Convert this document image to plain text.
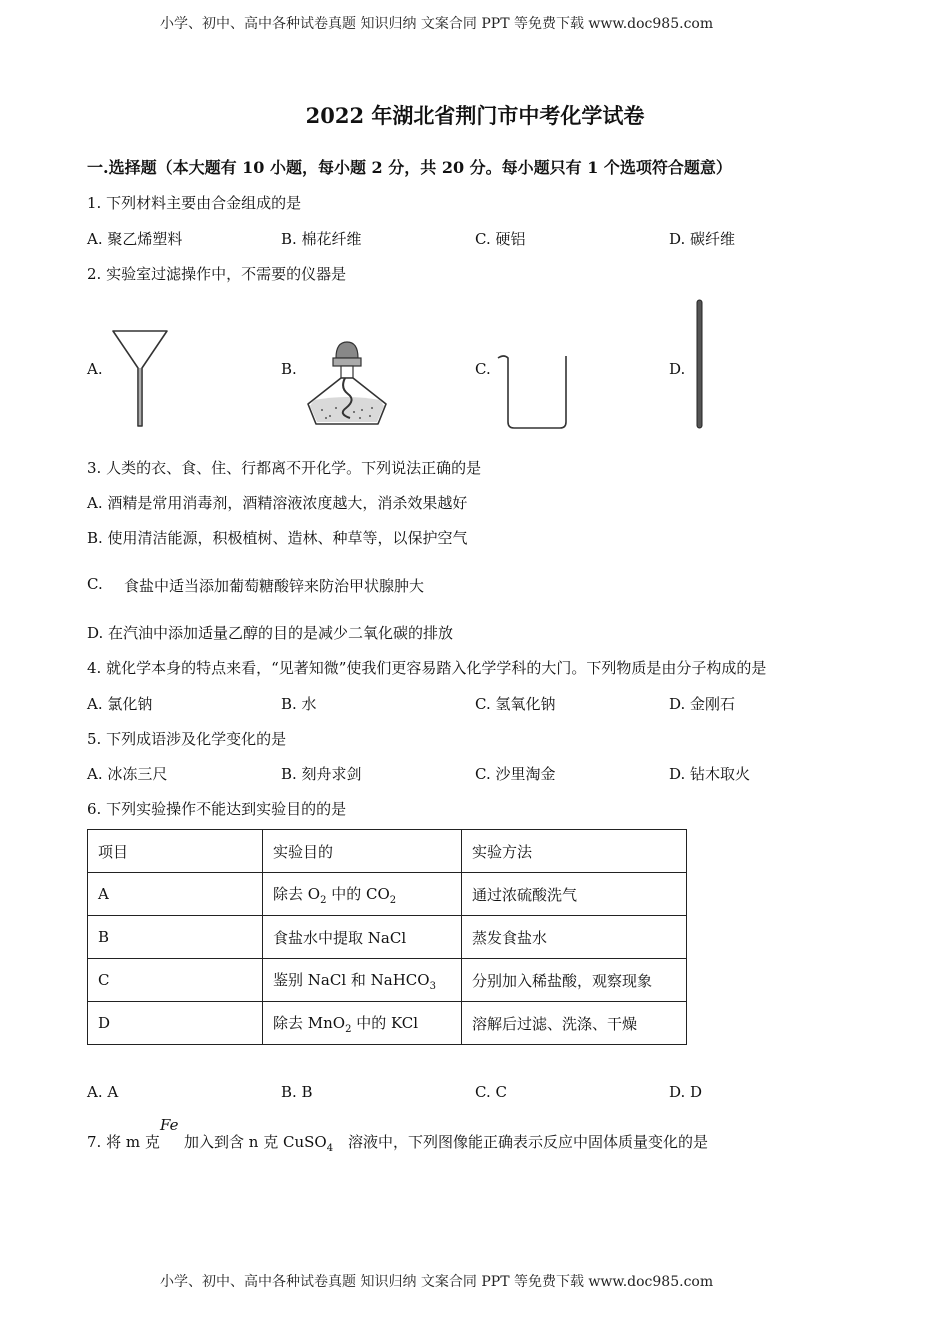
小学、初中、高中各种试卷真题 知识归纳 文案合同 PPT 等免费下载 www.doc985.com
2022 年湖北省荆门市中考化学试卷
一.选择题（本大题有 10 小题，每小题 2 分，共 20 分。每小题只有 1 个选项符合题意）
1. 下列材料主要由合金组成的是
A. 聚乙烯塑料	B. 棉花纤维	C. 硬铝	D. 碳纤维
2. 实验室过滤操作中，不需要的仪器是
A.	B.	C.	D.
3. 人类的衣、食、住、行都离不开化学。下列说法正确的是
A. 酒精是常用消毒剂，酒精溶液浓度越大，消杀效果越好
B. 使用清洁能源，积极植树、造林、种草等，以保护空气
C. 食盐中适当添加葡萄糖酸锌来防治甲状腺肿大
D. 在汽油中添加适量乙醇的目的是减少二氧化碳的排放
4. 就化学本身的特点来看，“见著知微”使我们更容易踏入化学学科的大门。下列物质是由分子构成的是
A. 氯化钠	B. 水	C. 氢氧化钠	D. 金刚石
5. 下列成语涉及化学变化的是
A. 冰冻三尺	B. 刻舟求剑	C. 沙里淘金	D. 钻木取火
6. 下列实验操作不能达到实验目的的是
项目	实验目的	实验方法
A	除去 $O_2$ 中的 $CO_2$	通过浓硫酸洗气
B	食盐水中提取 NaCl	蒸发食盐水
C	鉴别 NaCl 和 NaHCO$_3$	分别加入稀盐酸，观察现象
D	除去 MnO$_2$ 中的 KCl	溶解后过滤、洗涤、干燥
A. A	B. B	C. C	D. D
7. 将 m 克
Fe
加入到含 n 克 CuSO$_4$ 溶液中，下列图像能正确表示反应中固体质量变化的是
小学、初中、高中各种试卷真题 知识归纳 文案合同 PPT 等免费下载 www.doc985.com
